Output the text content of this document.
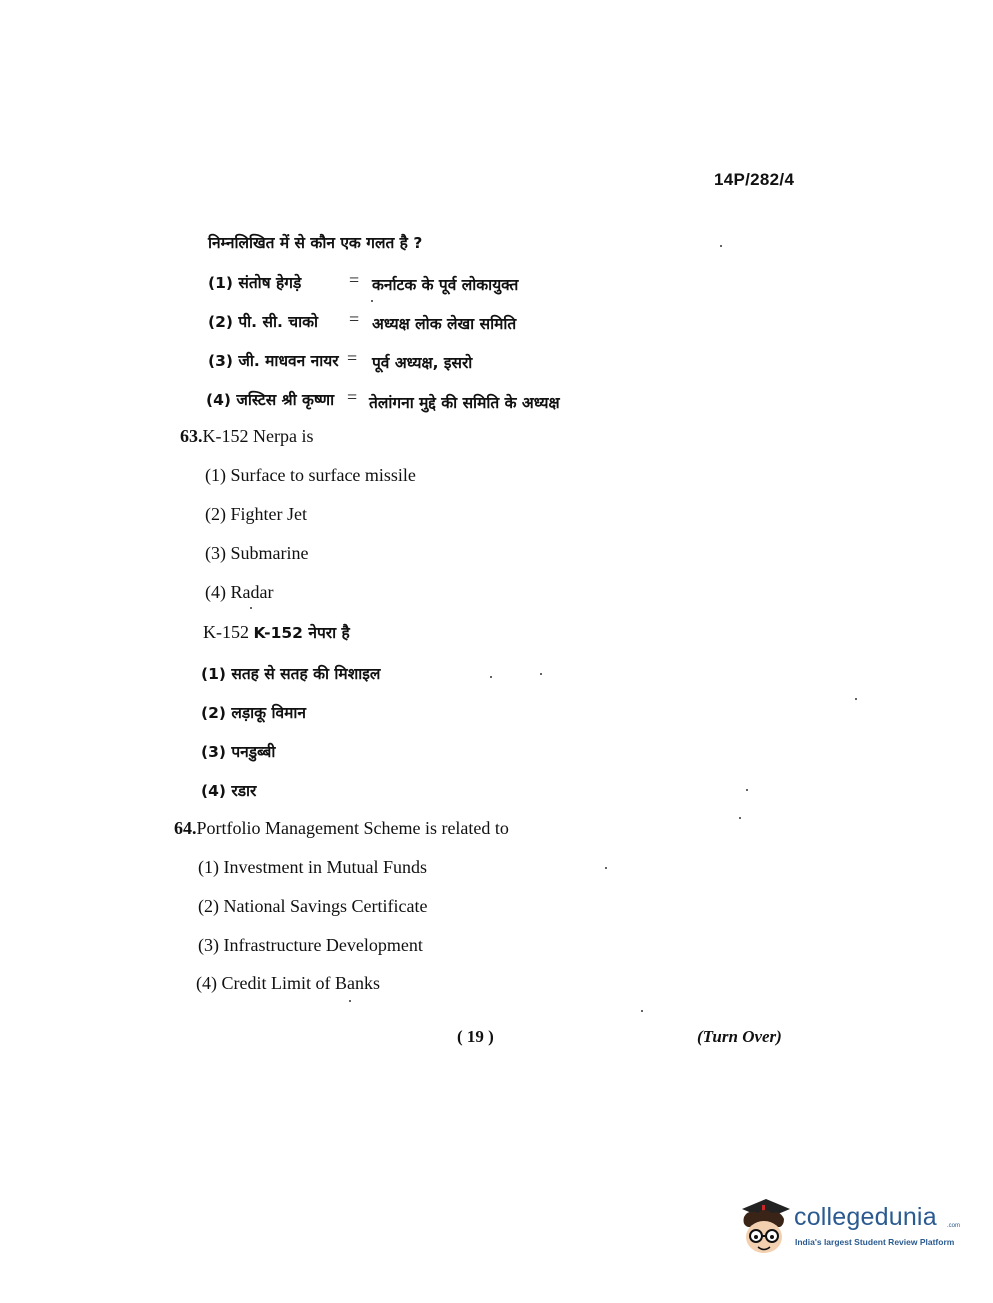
14P/282/4
निम्नलिखित में से कौन एक गलत है ?
(1) संतोष हेगड़े	= कर्नाटक के पूर्व लोकायुक्त
(2) पी. सी. चाको = अध्यक्ष लोक लेखा समिति
(3) जी. माधवन नायर = पूर्व अध्यक्ष, इसरो
(4) जस्टिस श्री कृष्णा = तेलांगना मुद्दे की समिति के अध्यक्ष
63.K-152 Nerpa is
(1) Surface to surface missile
(2) Fighter Jet
(3) Submarine
(4) Radar
K-152 K-152 नेपरा है
(1) सतह से सतह की मिशाइल
(2) लड़ाकू विमान
(3) पनडुब्बी
(4) रडार
64.Portfolio Management Scheme is related to
(1) Investment in Mutual Funds
(2) National Savings Certificate
(3) Infrastructure Development
(4) Credit Limit of Banks
( 19 )	(Turn Over)
collegedunia .com
India's largest Student Review Platform
